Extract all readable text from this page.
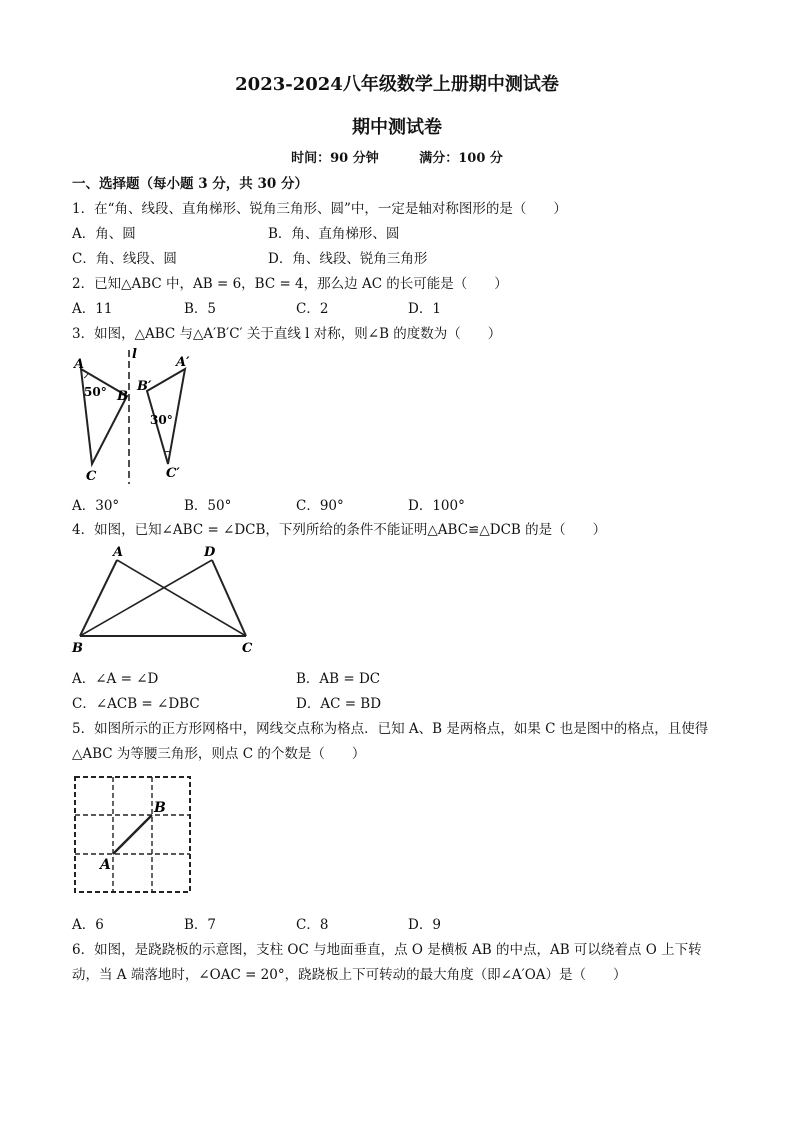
2023-2024八年级数学上册期中测试卷
期中测试卷
时间：90 分钟	满分：100 分
一、选择题（每小题 3 分，共 30 分）
1．在“角、线段、直角梯形、锐角三角形、圆”中，一定是轴对称图形的是（　　）
A．角、圆	B．角、直角梯形、圆
C．角、线段、圆	D．角、线段、锐角三角形
2．已知△ABC 中，AB = 6，BC = 4，那么边 AC 的长可能是（　　）
A．11	B．5	C．2	D．1
3．如图，△ABC 与△A′B′C′ 关于直线 l 对称，则∠B 的度数为（　　）
A
B
C
l
B′
A′
C′
50°
30°
A．30°	B．50°	C．90°	D．100°
4．如图，已知∠ABC = ∠DCB，下列所给的条件不能证明△ABC≌△DCB 的是（　　）
A	D
B	C
A．∠A = ∠D	B．AB = DC
C．∠ACB = ∠DBC	D．AC = BD
5．如图所示的正方形网格中，网线交点称为格点．已知 A、B 是两格点，如果 C 也是图中的格点，且使得
△ABC 为等腰三角形，则点 C 的个数是（　　）
A
B
A．6	B．7	C．8	D．9
6．如图，是跷跷板的示意图，支柱 OC 与地面垂直，点 O 是横板 AB 的中点，AB 可以绕着点 O 上下转
动，当 A 端落地时，∠OAC = 20°，跷跷板上下可转动的最大角度（即∠A′OA）是（　　）
